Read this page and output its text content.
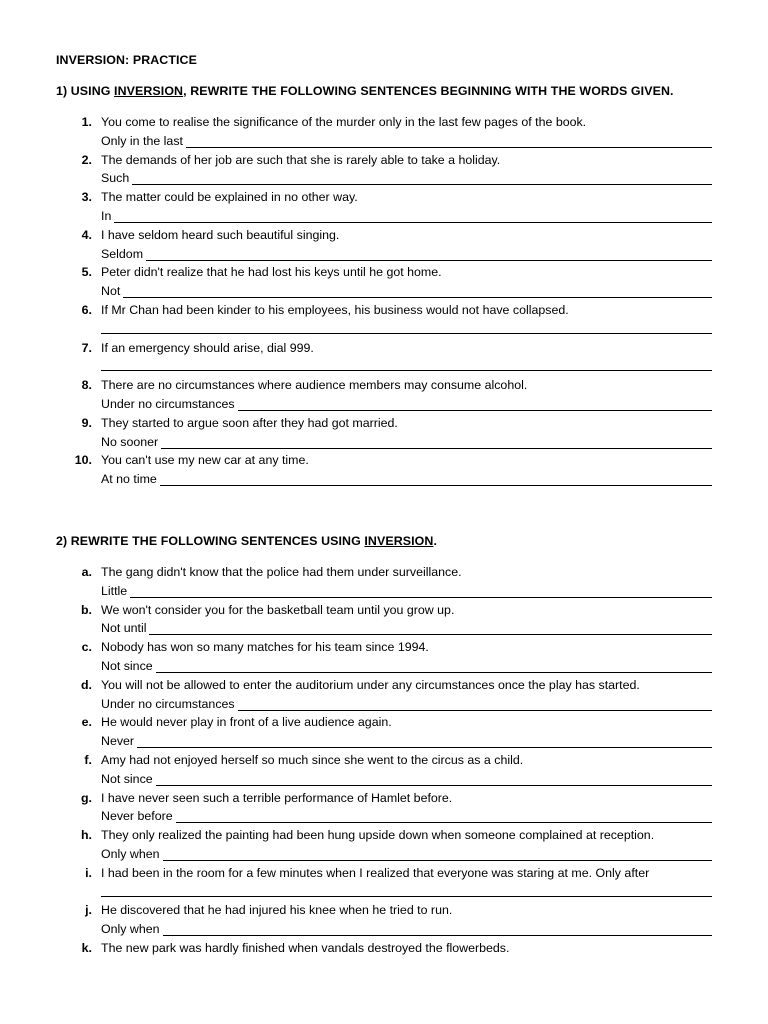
INVERSION: PRACTICE
1) USING INVERSION, REWRITE THE FOLLOWING SENTENCES BEGINNING WITH THE WORDS GIVEN.
1. You come to realise the significance of the murder only in the last few pages of the book.
Only in the last
2. The demands of her job are such that she is rarely able to take a holiday.
Such
3. The matter could be explained in no other way.
In
4. I have seldom heard such beautiful singing.
Seldom
5. Peter didn't realize that he had lost his keys until he got home.
Not
6. If Mr Chan had been kinder to his employees, his business would not have collapsed.
7. If an emergency should arise, dial 999.
8. There are no circumstances where audience members may consume alcohol.
Under no circumstances
9. They started to argue soon after they had got married.
No sooner
10. You can't use my new car at any time.
At no time
2) REWRITE THE FOLLOWING SENTENCES USING INVERSION.
a. The gang didn't know that the police had them under surveillance.
Little
b. We won't consider you for the basketball team until you grow up.
Not until
c. Nobody has won so many matches for his team since 1994.
Not since
d. You will not be allowed to enter the auditorium under any circumstances once the play has started.
Under no circumstances
e. He would never play in front of a live audience again.
Never
f. Amy had not enjoyed herself so much since she went to the circus as a child.
Not since
g. I have never seen such a terrible performance of Hamlet before.
Never before
h. They only realized the painting had been hung upside down when someone complained at reception.
Only when
i. I had been in the room for a few minutes when I realized that everyone was staring at me. Only after
j. He discovered that he had injured his knee when he tried to run.
Only when
k. The new park was hardly finished when vandals destroyed the flowerbeds.
